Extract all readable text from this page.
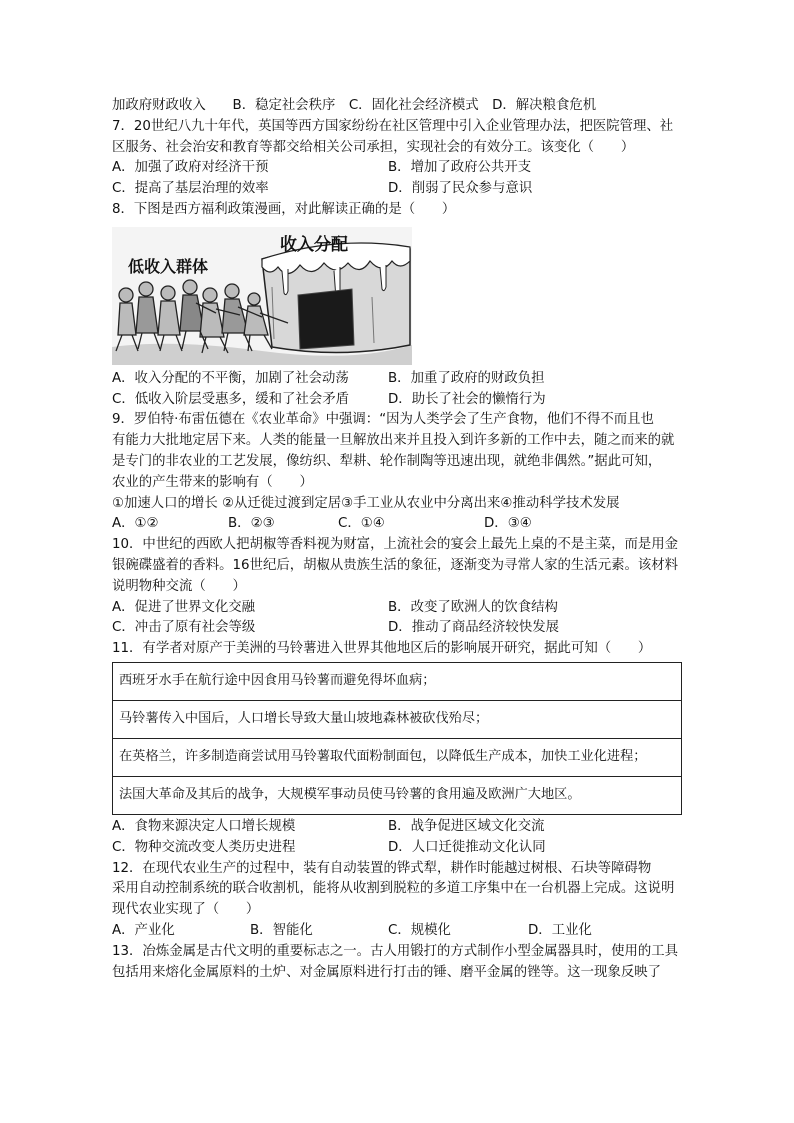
加政府财政收入　　B．稳定社会秩序　C．固化社会经济模式　D．解决粮食危机
7．20世纪八九十年代，英国等西方国家纷纷在社区管理中引入企业管理办法，把医院管理、社
区服务、社会治安和教育等都交给相关公司承担，实现社会的有效分工。该变化（　　）
A．加强了政府对经济干预	B．增加了政府公共开支
C．提高了基层治理的效率	D．削弱了民众参与意识
8．下图是西方福利政策漫画，对此解读正确的是（　　）
收入分配
低收入群体
A．收入分配的不平衡，加剧了社会动荡	B．加重了政府的财政负担
C．低收入阶层受惠多，缓和了社会矛盾	D．助长了社会的懒惰行为
9．罗伯特·布雷伍德在《农业革命》中强调：“因为人类学会了生产食物，他们不得不而且也
有能力大批地定居下来。人类的能量一旦解放出来并且投入到许多新的工作中去，随之而来的就
是专门的非农业的工艺发展，像纺织、犁耕、轮作制陶等迅速出现，就绝非偶然。”据此可知，
农业的产生带来的影响有（　　）
①加速人口的增长 ②从迁徙过渡到定居③手工业从农业中分离出来④推动科学技术发展
A．①②	B．②③	C．①④	D．③④
10．中世纪的西欧人把胡椒等香料视为财富，上流社会的宴会上最先上桌的不是主菜，而是用金
银碗碟盛着的香料。16世纪后，胡椒从贵族生活的象征，逐渐变为寻常人家的生活元素。该材料
说明物种交流（　　）
A．促进了世界文化交融	B．改变了欧洲人的饮食结构
C．冲击了原有社会等级	D．推动了商品经济较快发展
11．有学者对原产于美洲的马铃薯进入世界其他地区后的影响展开研究，据此可知（　　）
西班牙水手在航行途中因食用马铃薯而避免得坏血病；
马铃薯传入中国后，人口增长导致大量山坡地森林被砍伐殆尽；
在英格兰，许多制造商尝试用马铃薯取代面粉制面包，以降低生产成本，加快工业化进程；
法国大革命及其后的战争，大规模军事动员使马铃薯的食用遍及欧洲广大地区。
A．食物来源决定人口增长规模	B．战争促进区域文化交流
C．物种交流改变人类历史进程	D．人口迁徙推动文化认同
12．在现代农业生产的过程中，装有自动装置的铧式犁，耕作时能越过树根、石块等障碍物
采用自动控制系统的联合收割机，能将从收割到脱粒的多道工序集中在一台机器上完成。这说明
现代农业实现了（　　）
A．产业化	B．智能化	C．规模化	D．工业化
13．冶炼金属是古代文明的重要标志之一。古人用锻打的方式制作小型金属器具时，使用的工具
包括用来熔化金属原料的土炉、对金属原料进行打击的锤、磨平金属的锉等。这一现象反映了
